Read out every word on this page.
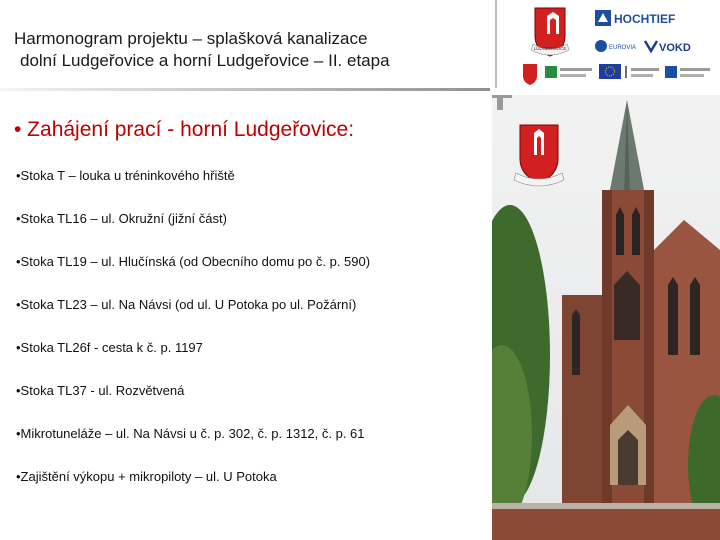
Harmonogram projektu – splašková kanalizace
dolní Ludgeřovice a horní Ludgeřovice – II. etapa
LUDGEŘOVICE
HOCHTIEF
EUROVIA VOKD
• Zahájení prací - horní Ludgeřovice:
•Stoka T – louka u tréninkového hřiště
•Stoka TL16 – ul. Okružní (jižní část)
•Stoka TL19 – ul. Hlučínská (od Obecního domu po č. p. 590)
•Stoka TL23 – ul. Na Návsi (od ul. U Potoka po ul. Požární)
•Stoka TL26f - cesta k č. p. 1197
•Stoka TL37 - ul. Rozvětvená
•Mikrotuneláže – ul. Na Návsi u č. p. 302, č. p. 1312, č. p. 61
•Zajištění výkopu + mikropiloty – ul. U Potoka
